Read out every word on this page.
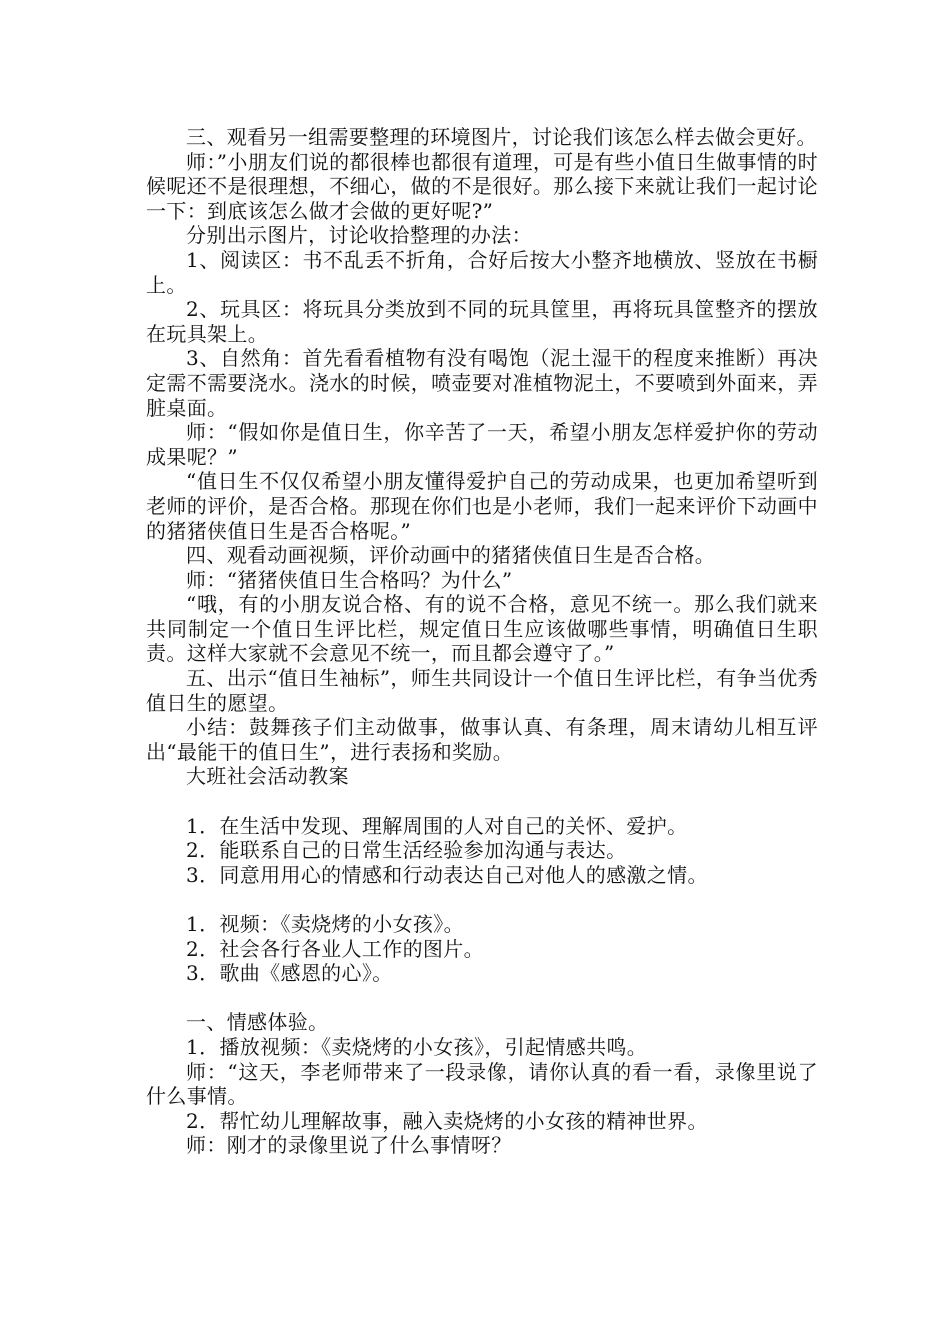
三、观看另一组需要整理的环境图片，讨论我们该怎么样去做会更好。

师：”小朋友们说的都很棒也都很有道理，可是有些小值日生做事情的时候呢还不是很理想，不细心，做的不是很好。那么接下来就让我们一起讨论一下：到底该怎么做才会做的更好呢?”

分别出示图片，讨论收拾整理的办法：

1、阅读区：书不乱丢不折角，合好后按大小整齐地横放、竖放在书橱上。

2、玩具区：将玩具分类放到不同的玩具筐里，再将玩具筐整齐的摆放在玩具架上。

3、自然角：首先看看植物有没有喝饱（泥土湿干的程度来推断）再决定需不需要浇水。浇水的时候，喷壶要对准植物泥土，不要喷到外面来，弄脏桌面。

师：“假如你是值日生，你辛苦了一天，希望小朋友怎样爱护你的劳动成果呢？”

“值日生不仅仅希望小朋友懂得爱护自己的劳动成果，也更加希望听到老师的评价，是否合格。那现在你们也是小老师，我们一起来评价下动画中的猪猪侠值日生是否合格呢。”

四、观看动画视频，评价动画中的猪猪侠值日生是否合格。

师：“猪猪侠值日生合格吗？为什么”

“哦，有的小朋友说合格、有的说不合格，意见不统一。那么我们就来共同制定一个值日生评比栏，规定值日生应该做哪些事情，明确值日生职责。这样大家就不会意见不统一，而且都会遵守了。”

五、出示“值日生袖标”，师生共同设计一个值日生评比栏，有争当优秀值日生的愿望。

小结：鼓舞孩子们主动做事，做事认真、有条理，周末请幼儿相互评出“最能干的值日生”，进行表扬和奖励。

大班社会活动教案

1．在生活中发现、理解周围的人对自己的关怀、爱护。

2．能联系自己的日常生活经验参加沟通与表达。

3．同意用用心的情感和行动表达自己对他人的感激之情。

1．视频：《卖烧烤的小女孩》。

2．社会各行各业人工作的图片。

3．歌曲《感恩的心》。

一、情感体验。

1．播放视频：《卖烧烤的小女孩》，引起情感共鸣。

师：“这天，李老师带来了一段录像，请你认真的看一看，录像里说了什么事情。

2．帮忙幼儿理解故事，融入卖烧烤的小女孩的精神世界。

师：刚才的录像里说了什么事情呀？
